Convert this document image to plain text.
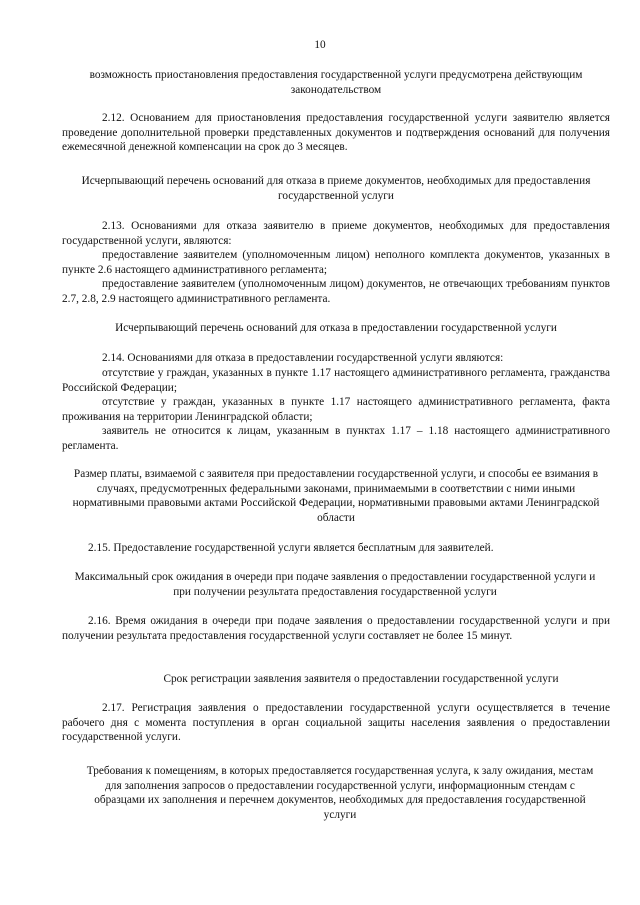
10

возможность приостановления предоставления государственной услуги предусмотрена действующим законодательством

2.12. Основанием для приостановления предоставления государственной услуги заявителю является проведение дополнительной проверки представленных документов и подтверждения оснований для получения ежемесячной денежной компенсации на срок до 3 месяцев.

Исчерпывающий перечень оснований для отказа в приеме документов, необходимых для предоставления государственной услуги

2.13. Основаниями для отказа заявителю в приеме документов, необходимых для предоставления государственной услуги, являются:

предоставление заявителем (уполномоченным лицом) неполного комплекта документов, указанных в пункте 2.6 настоящего административного регламента;

предоставление заявителем (уполномоченным лицом) документов, не отвечающих требованиям пунктов 2.7, 2.8, 2.9 настоящего административного регламента.

Исчерпывающий перечень оснований для отказа в предоставлении государственной услуги

2.14. Основаниями для отказа в предоставлении государственной услуги являются:

отсутствие у граждан, указанных в пункте 1.17 настоящего административного регламента, гражданства Российской Федерации;

отсутствие у граждан, указанных в пункте 1.17 настоящего административного регламента, факта проживания на территории Ленинградской области;

заявитель не относится к лицам, указанным в пунктах 1.17 – 1.18 настоящего административного регламента.

Размер платы, взимаемой с заявителя при предоставлении государственной услуги, и способы ее взимания в случаях, предусмотренных федеральными законами, принимаемыми в соответствии с ними иными нормативными правовыми актами Российской Федерации, нормативными правовыми актами Ленинградской области

2.15. Предоставление государственной услуги является бесплатным для заявителей.

Максимальный срок ожидания в очереди при подаче заявления о предоставлении государственной услуги и при получении результата предоставления государственной услуги

2.16. Время ожидания в очереди при подаче заявления о предоставлении государственной услуги и при получении результата предоставления государственной услуги составляет не более 15 минут.

Срок регистрации заявления заявителя о предоставлении государственной услуги

2.17. Регистрация заявления о предоставлении государственной услуги осуществляется в течение рабочего дня с момента поступления в орган социальной защиты населения заявления о предоставлении государственной услуги.

Требования к помещениям, в которых предоставляется государственная услуга, к залу ожидания, местам для заполнения запросов о предоставлении государственной услуги, информационным стендам с образцами их заполнения и перечнем документов, необходимых для предоставления государственной услуги
